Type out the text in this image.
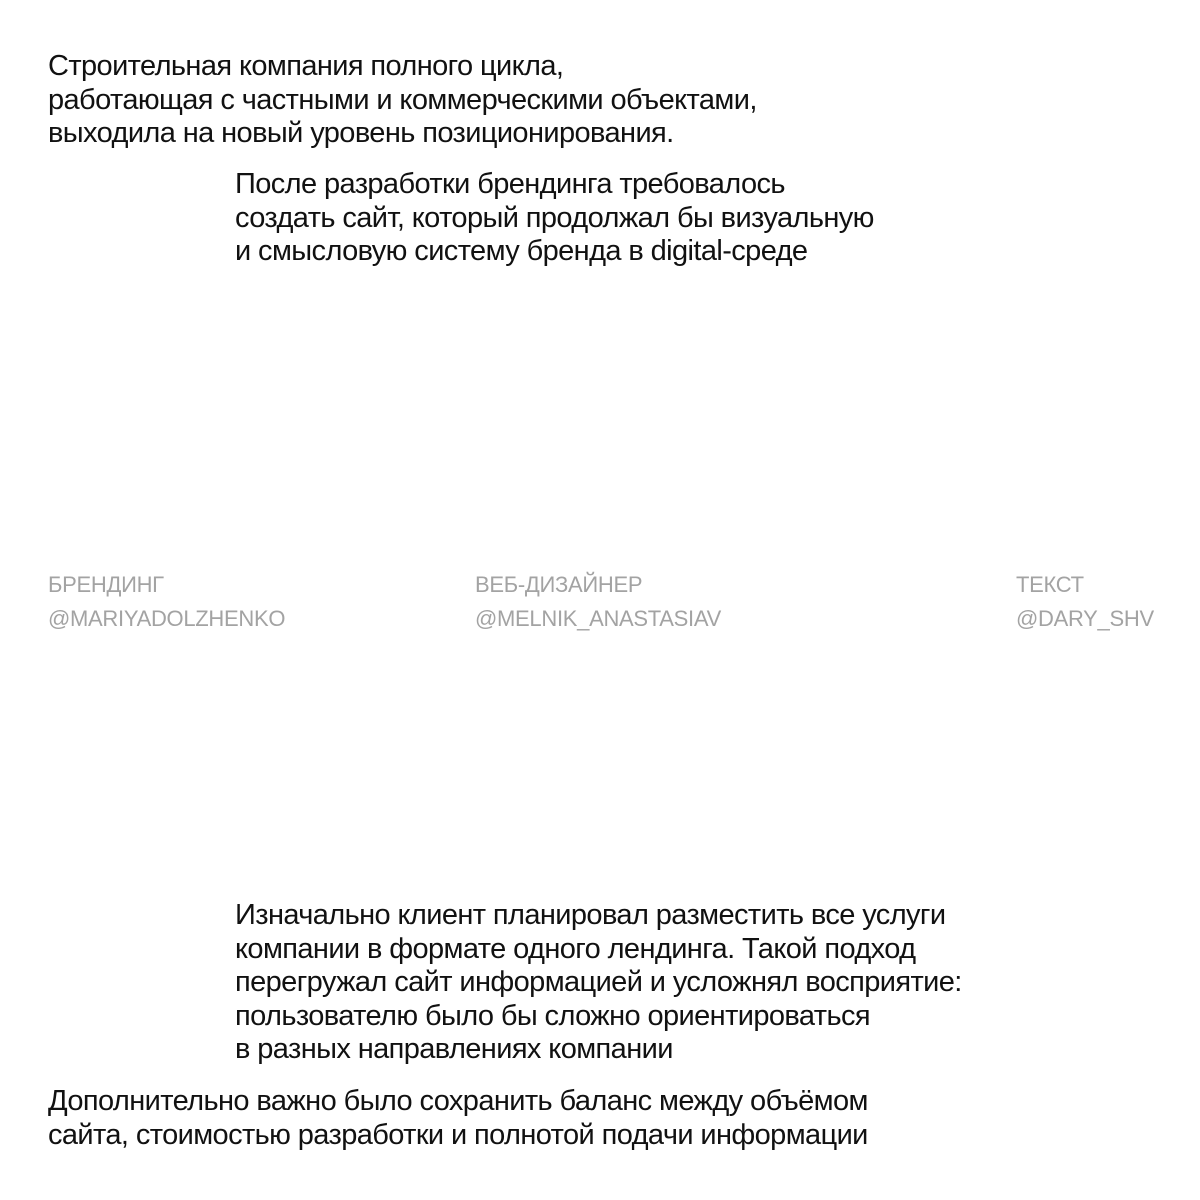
Строительная компания полного цикла,
работающая с частными и коммерческими объектами,
выходила на новый уровень позиционирования.

После разработки брендинга требовалось
создать сайт, который продолжал бы визуальную
и смысловую систему бренда в digital-среде

БРЕНДИНГ
@MARIYADOLZHENKO
ВЕБ-ДИЗАЙНЕР
@MELNIK_ANASTASIAV
ТЕКСТ
@DARY_SHV

Изначально клиент планировал разместить все услуги
компании в формате одного лендинга. Такой подход
перегружал сайт информацией и усложнял восприятие:
пользователю было бы сложно ориентироваться
в разных направлениях компании

Дополнительно важно было сохранить баланс между объёмом
сайта, стоимостью разработки и полнотой подачи информации
